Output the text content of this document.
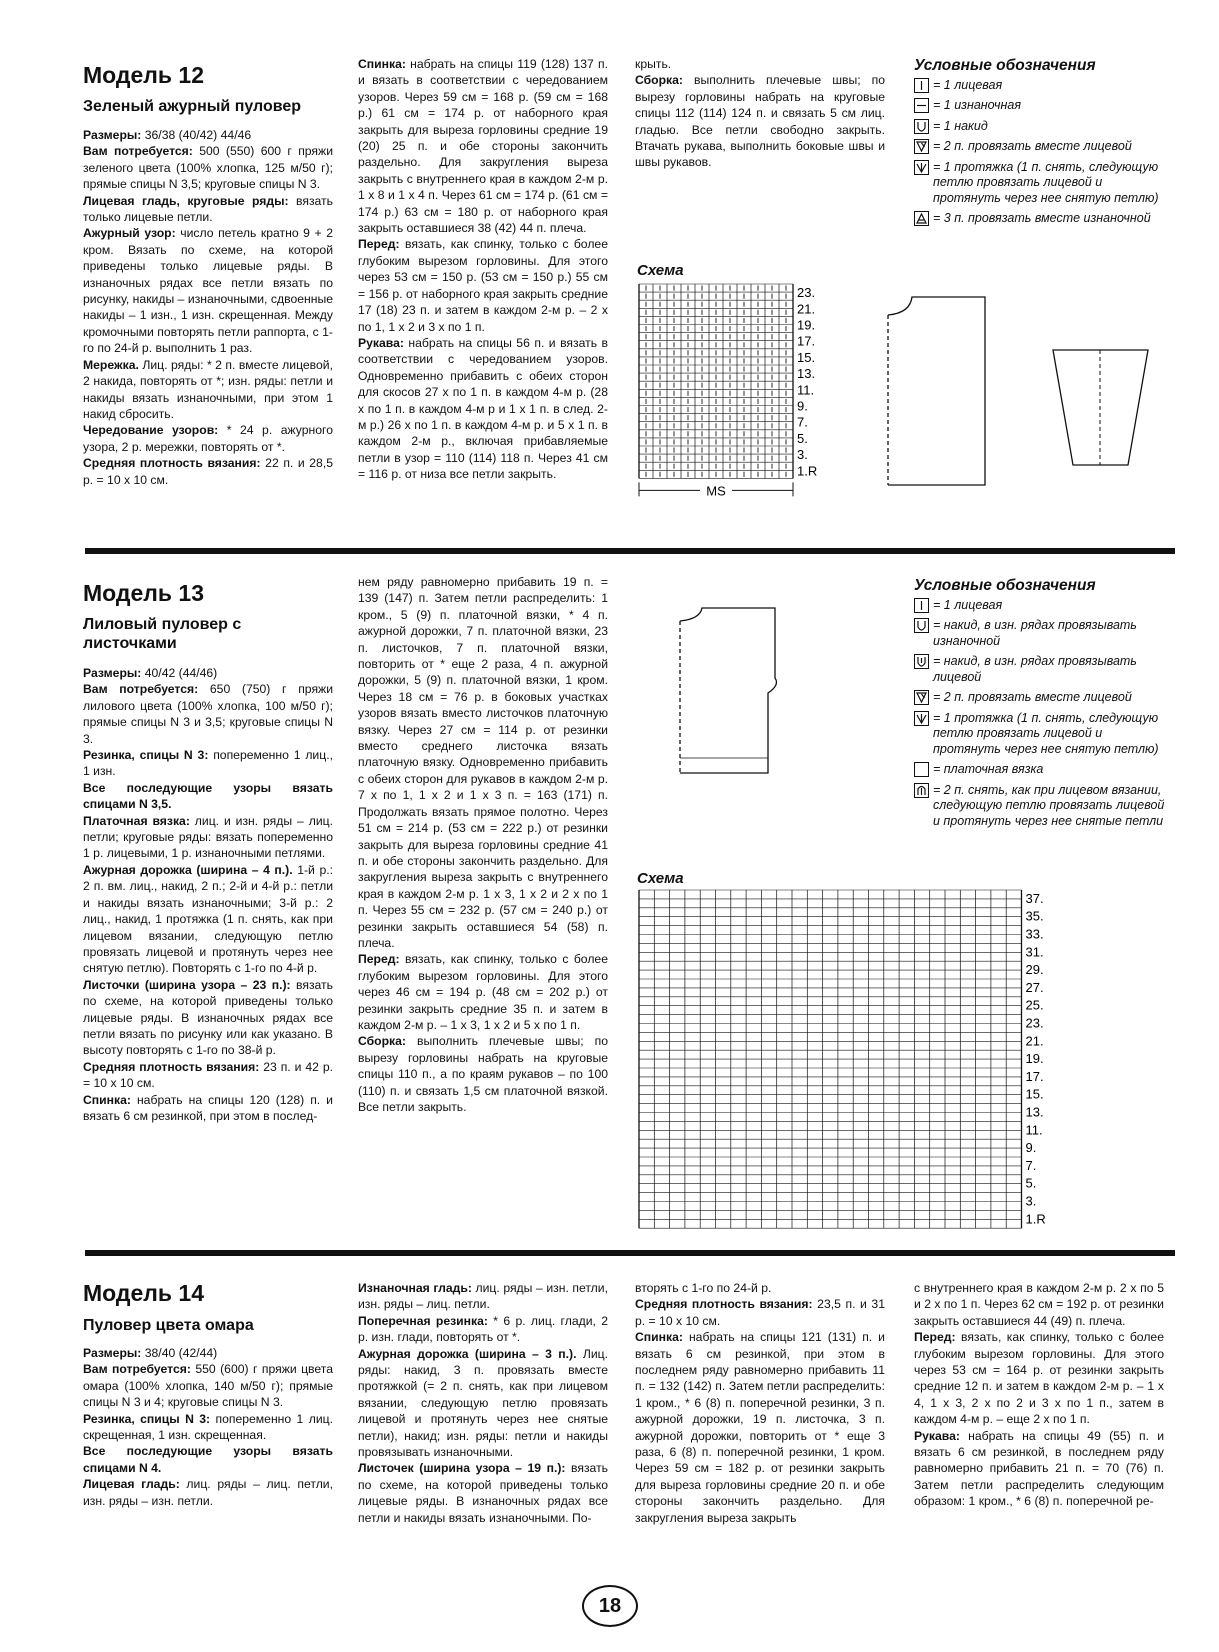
Модель 12
Зеленый ажурный пуловер

Размеры: 36/38 (40/42) 44/46

Вам потребуется: 500 (550) 600 г пряжи зеленого цвета (100% хлопка, 125 м/50 г); прямые спицы N 3,5; круговые спицы N 3.

Лицевая гладь, круговые ряды: вязать только лицевые петли.

Ажурный узор: число петель кратно 9 + 2 кром. Вязать по схеме, на которой приведены только лицевые ряды. В изнаночных рядах все петли вязать по рисунку, накиды – изнаночными, сдвоенные накиды – 1 изн., 1 изн. скрещенная. Между кромочными повторять петли раппорта, с 1-го по 24-й р. выполнить 1 раз.

Мережка. Лиц. ряды: * 2 п. вместе лицевой, 2 накида, повторять от *; изн. ряды: петли и накиды вязать изнаночными, при этом 1 накид сбросить.

Чередование узоров: * 24 р. ажурного узора, 2 р. мережки, повторять от *.

Средняя плотность вязания: 22 п. и 28,5 р. = 10 х 10 см.

Спинка: набрать на спицы 119 (128) 137 п. и вязать в соответствии с чередованием узоров. Через 59 см = 168 р. (59 см = 168 р.) 61 см = 174 р. от наборного края закрыть для выреза горловины средние 19 (20) 25 п. и обе стороны закончить раздельно. Для закругления выреза закрыть с внутреннего края в каждом 2-м р. 1 х 8 и 1 х 4 п. Через 61 см = 174 р. (61 см = 174 р.) 63 см = 180 р. от наборного края закрыть оставшиеся 38 (42) 44 п. плеча.

Перед: вязать, как спинку, только с более глубоким вырезом горловины. Для этого через 53 см = 150 р. (53 см = 150 р.) 55 см = 156 р. от наборного края закрыть средние 17 (18) 23 п. и затем в каждом 2-м р. – 2 х по 1, 1 х 2 и 3 х по 1 п.

Рукава: набрать на спицы 56 п. и вязать в соответствии с чередованием узоров. Одновременно прибавить с обеих сторон для скосов 27 х по 1 п. в каждом 4-м р. (28 х по 1 п. в каждом 4-м р и 1 х 1 п. в след. 2-м р.) 26 х по 1 п. в каждом 4-м р. и 5 х 1 п. в каждом 2-м р., включая прибавляемые петли в узор = 110 (114) 118 п. Через 41 см = 116 р. от низа все петли закрыть.

крыть.

Сборка: выполнить плечевые швы; по вырезу горловины набрать на круговые спицы 112 (114) 124 п. и связать 5 см лиц. гладью. Все петли свободно закрыть. Втачать рукава, выполнить боковые швы и швы рукавов.

Условные обозначения
= 1 лицевая
= 1 изнаночная
= 1 накид
= 2 п. провязать вместе лицевой
= 1 протяжка (1 п. снять, следующую петлю провязать лицевой и протянуть через нее снятую петлю)
= 3 п. провязать вместе изнаночной
Схема
23.
21.
19.
17.
15.
13.
11.
9.
7.
5.
3.
1.R
MS
Модель 13
Лиловый пуловер с листочками

Размеры: 40/42 (44/46)

Вам потребуется: 650 (750) г пряжи лилового цвета (100% хлопка, 100 м/50 г); прямые спицы N 3 и 3,5; круговые спицы N 3.

Резинка, спицы N 3: попеременно 1 лиц., 1 изн.

Все последующие узоры вязать спицами N 3,5.

Платочная вязка: лиц. и изн. ряды – лиц. петли; круговые ряды: вязать попеременно 1 р. лицевыми, 1 р. изнаночными петлями.

Ажурная дорожка (ширина – 4 п.). 1-й р.: 2 п. вм. лиц., накид, 2 п.; 2-й и 4-й р.: петли и накиды вязать изнаночными; 3-й р.: 2 лиц., накид, 1 протяжка (1 п. снять, как при лицевом вязании, следующую петлю провязать лицевой и протянуть через нее снятую петлю). Повторять с 1-го по 4-й р.

Листочки (ширина узора – 23 п.): вязать по схеме, на которой приведены только лицевые ряды. В изнаночных рядах все петли вязать по рисунку или как указано. В высоту повторять с 1-го по 38-й р.

Средняя плотность вязания: 23 п. и 42 р. = 10 х 10 см.

Спинка: набрать на спицы 120 (128) п. и вязать 6 см резинкой, при этом в послед-

нем ряду равномерно прибавить 19 п. = 139 (147) п. Затем петли распределить: 1 кром., 5 (9) п. платочной вязки, * 4 п. ажурной дорожки, 7 п. платочной вязки, 23 п. листочков, 7 п. платочной вязки, повторить от * еще 2 раза, 4 п. ажурной дорожки, 5 (9) п. платочной вязки, 1 кром. Через 18 см = 76 р. в боковых участках узоров вязать вместо листочков платочную вязку. Через 27 см = 114 р. от резинки вместо среднего листочка вязать платочную вязку. Одновременно прибавить с обеих сторон для рукавов в каждом 2-м р. 7 х по 1, 1 х 2 и 1 х 3 п. = 163 (171) п. Продолжать вязать прямое полотно. Через 51 см = 214 р. (53 см = 222 р.) от резинки закрыть для выреза горловины средние 41 п. и обе стороны закончить раздельно. Для закругления выреза закрыть с внутреннего края в каждом 2-м р. 1 х 3, 1 х 2 и 2 х по 1 п. Через 55 см = 232 р. (57 см = 240 р.) от резинки закрыть оставшиеся 54 (58) п. плеча.

Перед: вязать, как спинку, только с более глубоким вырезом горловины. Для этого через 46 см = 194 р. (48 см = 202 р.) от резинки закрыть средние 35 п. и затем в каждом 2-м р. – 1 х 3, 1 х 2 и 5 х по 1 п.

Сборка: выполнить плечевые швы; по вырезу горловины набрать на круговые спицы 110 п., а по краям рукавов – по 100 (110) п. и связать 1,5 см платочной вязкой. Все петли закрыть.

Условные обозначения
= 1 лицевая
= накид, в изн. рядах провязывать изнаночной
= накид, в изн. рядах провязывать лицевой
= 2 п. провязать вместе лицевой
= 1 протяжка (1 п. снять, следующую петлю провязать лицевой и протянуть через нее снятую петлю)
= платочная вязка
= 2 п. снять, как при лицевом вязании, следующую петлю провязать лицевой и протянуть через нее снятые петли
Схема
37.
35.
33.
31.
29.
27.
25.
23.
21.
19.
17.
15.
13.
11.
9.
7.
5.
3.
1.R
Модель 14
Пуловер цвета омара

Размеры: 38/40 (42/44)

Вам потребуется: 550 (600) г пряжи цвета омара (100% хлопка, 140 м/50 г); прямые спицы N 3 и 4; круговые спицы N 3.

Резинка, спицы N 3: попеременно 1 лиц. скрещенная, 1 изн. скрещенная.

Все последующие узоры вязать спицами N 4.

Лицевая гладь: лиц. ряды – лиц. петли, изн. ряды – изн. петли.

Изнаночная гладь: лиц. ряды – изн. петли, изн. ряды – лиц. петли.

Поперечная резинка: * 6 р. лиц. глади, 2 р. изн. глади, повторять от *.

Ажурная дорожка (ширина – 3 п.). Лиц. ряды: накид, 3 п. провязать вместе протяжкой (= 2 п. снять, как при лицевом вязании, следующую петлю провязать лицевой и протянуть через нее снятые петли), накид; изн. ряды: петли и накиды провязывать изнаночными.

Листочек (ширина узора – 19 п.): вязать по схеме, на которой приведены только лицевые ряды. В изнаночных рядах все петли и накиды вязать изнаночными. По-

вторять с 1-го по 24-й р.

Средняя плотность вязания: 23,5 п. и 31 р. = 10 х 10 см.

Спинка: набрать на спицы 121 (131) п. и вязать 6 см резинкой, при этом в последнем ряду равномерно прибавить 11 п. = 132 (142) п. Затем петли распределить: 1 кром., * 6 (8) п. поперечной резинки, 3 п. ажурной дорожки, 19 п. листочка, 3 п. ажурной дорожки, повторить от * еще 3 раза, 6 (8) п. поперечной резинки, 1 кром. Через 59 см = 182 р. от резинки закрыть для выреза горловины средние 20 п. и обе стороны закончить раздельно. Для закругления выреза закрыть

с внутреннего края в каждом 2-м р. 2 х по 5 и 2 х по 1 п. Через 62 см = 192 р. от резинки закрыть оставшиеся 44 (49) п. плеча.

Перед: вязать, как спинку, только с более глубоким вырезом горловины. Для этого через 53 см = 164 р. от резинки закрыть средние 12 п. и затем в каждом 2-м р. – 1 х 4, 1 х 3, 2 х по 2 и 3 х по 1 п., затем в каждом 4-м р. – еще 2 х по 1 п.

Рукава: набрать на спицы 49 (55) п. и вязать 6 см резинкой, в последнем ряду равномерно прибавить 21 п. = 70 (76) п. Затем петли распределить следующим образом: 1 кром., * 6 (8) п. поперечной ре-

18
